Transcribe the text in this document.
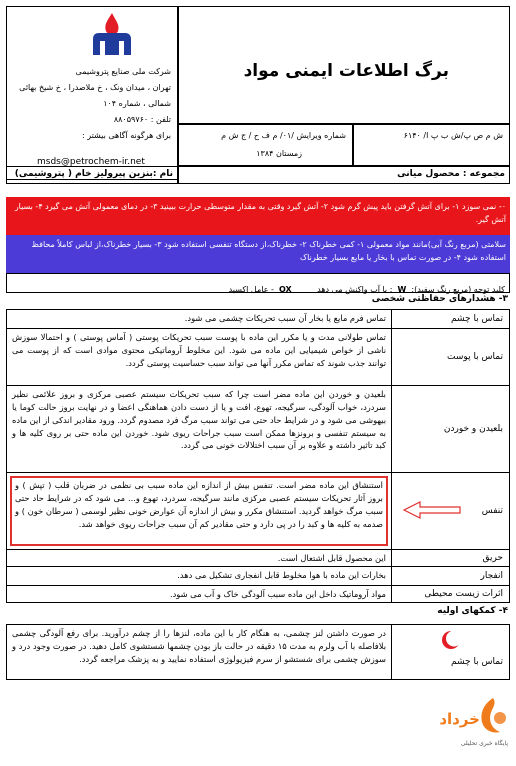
شرکت ملی صنایع پتروشیمی
تهران ، میدان ونک ، خ ملاصدرا ، خ شیخ بهائی
شمالی ، شماره ۱۰۴
تلفن : ۸۸۰۵۹۷۶۰
برای هرگونه آگاهی بیشتر :
msds@petrochem-ir.net
برگ اطلاعات ایمنی مواد
ش م ص پ/ش ب پ ا/ ۶۱۴۰
شماره ویرایش /۰۱/ م ف ح / ج ش م
زمستان ۱۳۸۴
نام :بنزین پیرولیز خام ( پتروشیمی)	مجموعه : محصول میانی
۰- نمی سوزد ۱- برای آتش گرفتن باید پیش گرم شود ۲- آتش گیرد وقتی به مقدار متوسطی حرارت ببینید ۳- در دمای معمولی آتش می گیرد ۴- بسیار آتش گیر.
سلامتی (مربع رنگ آبی)مانند مواد معمولی ۱- کمی خطرناک ۲- خطرناک،از دستگاه تنفسی استفاده شود ۳- بسیار خطرناک،از لباس کاملاً محافظ استفاده شود ۴- در صورت تماس با بخار یا مایع بسیار خطرناک
کلید توجه (مربع رنگ سفید): W : با آب واکنش می دهد     OX - عامل اکسید
۳- هشدارهای حفاظتی شخصی
تماس با چشم
تماس فرم مایع یا بخار آن سبب تحریکات چشمی می شود.
تماس با پوست
تماس طولانی مدت و یا مکرر این ماده با پوست سبب تحریکات پوستی ( آماس پوستی ) و احتمالا سوزش ناشی از خواص شیمیایی این ماده می شود. این مخلوط آروماتیکی محتوی موادی است که از پوست می توانند جذب شوند که تماس مکرر آنها می تواند سبب حساسیت پوستی گردد.
بلعیدن و خوردن
بلعیدن و خوردن این ماده مضر است چرا که سبب تحریکات سیستم عصبی مرکزی و بروز علائمی نظیر سردرد، خواب آلودگی، سرگیجه، تهوع، افت و یا از دست دادن هماهنگی اعضا و در نهایت بروز حالت کوما یا بیهوشی می شود و در شرایط حاد حتی می تواند سبب مرگ فرد مصدوم گردد. ورود مقادیر اندکی از این ماده به سیستم تنفسی و برونزها ممکن است سبب جراحات ریوی شود. خوردن این ماده حتی بر روی کلیه ها و کبد تاثیر داشته و علاوه بر آن سبب اختلالات خونی می گردد.
تنفس
استنشاق این ماده مضر است. تنفس بیش از اندازه این ماده سبب بی نظمی در ضربان قلب ( تپش ) و بروز آثار تحریکات سیستم عصبی مرکزی مانند سرگیجه، سردرد، تهوع و... می شود که در شرایط حاد حتی سبب مرگ خواهد گردید. استنشاق مکرر و بیش از اندازه آن عوارض خونی نظیر لوسمی ( سرطان خون ) و صدمه به کلیه ها و کبد را در پی دارد و حتی مقادیر کم آن سبب جراحات ریوی خواهد شد.
حریق
این محصول قابل اشتعال است.
انفجار
بخارات این ماده با هوا مخلوط قابل انفجاری تشکیل می دهد.
اثرات زیست محیطی
مواد آروماتیک داخل این ماده سبب آلودگی خاک و آب می شود.
۴- کمکهای اولیه
تماس با چشم
در صورت داشتن لنز چشمی، به هنگام کار با این ماده، لنزها را از چشم درآورید. برای رفع آلودگی چشمی بلافاصله با آب ولرم به مدت ۱۵ دقیقه در حالت باز بودن چشمها شستشوی کامل دهید. در صورت وجود درد و سوزش چشمی برای شستشو از سرم فیزیولوژی استفاده نمایید و به پزشک مراجعه گردد.
خرداد
پایگاه خبری تحلیلی
